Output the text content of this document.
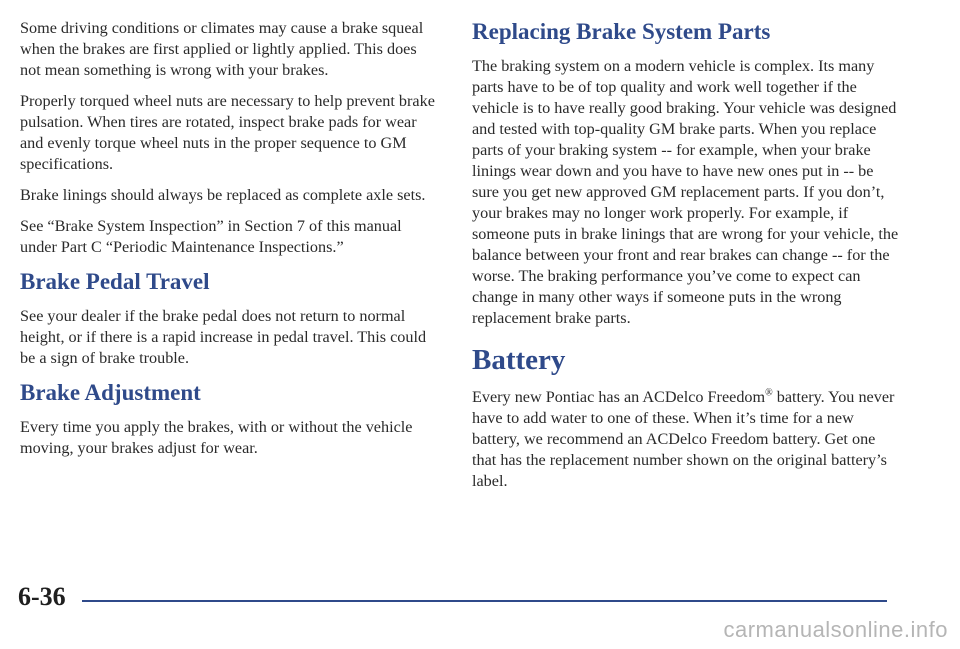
Some driving conditions or climates may cause a brake squeal when the brakes are first applied or lightly applied. This does not mean something is wrong with your brakes.

Properly torqued wheel nuts are necessary to help prevent brake pulsation. When tires are rotated, inspect brake pads for wear and evenly torque wheel nuts in the proper sequence to GM specifications.

Brake linings should always be replaced as complete axle sets.

See “Brake System Inspection” in Section 7 of this manual under Part C “Periodic Maintenance Inspections.”

Brake Pedal Travel

See your dealer if the brake pedal does not return to normal height, or if there is a rapid increase in pedal travel. This could be a sign of brake trouble.

Brake Adjustment

Every time you apply the brakes, with or without the vehicle moving, your brakes adjust for wear.

Replacing Brake System Parts

The braking system on a modern vehicle is complex. Its many parts have to be of top quality and work well together if the vehicle is to have really good braking. Your vehicle was designed and tested with top-quality GM brake parts. When you replace parts of your braking system -- for example, when your brake linings wear down and you have to have new ones put in -- be sure you get new approved GM replacement parts. If you don’t, your brakes may no longer work properly. For example, if someone puts in brake linings that are wrong for your vehicle, the balance between your front and rear brakes can change -- for the worse. The braking performance you’ve come to expect can change in many other ways if someone puts in the wrong replacement brake parts.

Battery

Every new Pontiac has an ACDelco Freedom® battery. You never have to add water to one of these. When it’s time for a new battery, we recommend an ACDelco Freedom battery. Get one that has the replacement number shown on the original battery’s label.

6-36
carmanualsonline.info
